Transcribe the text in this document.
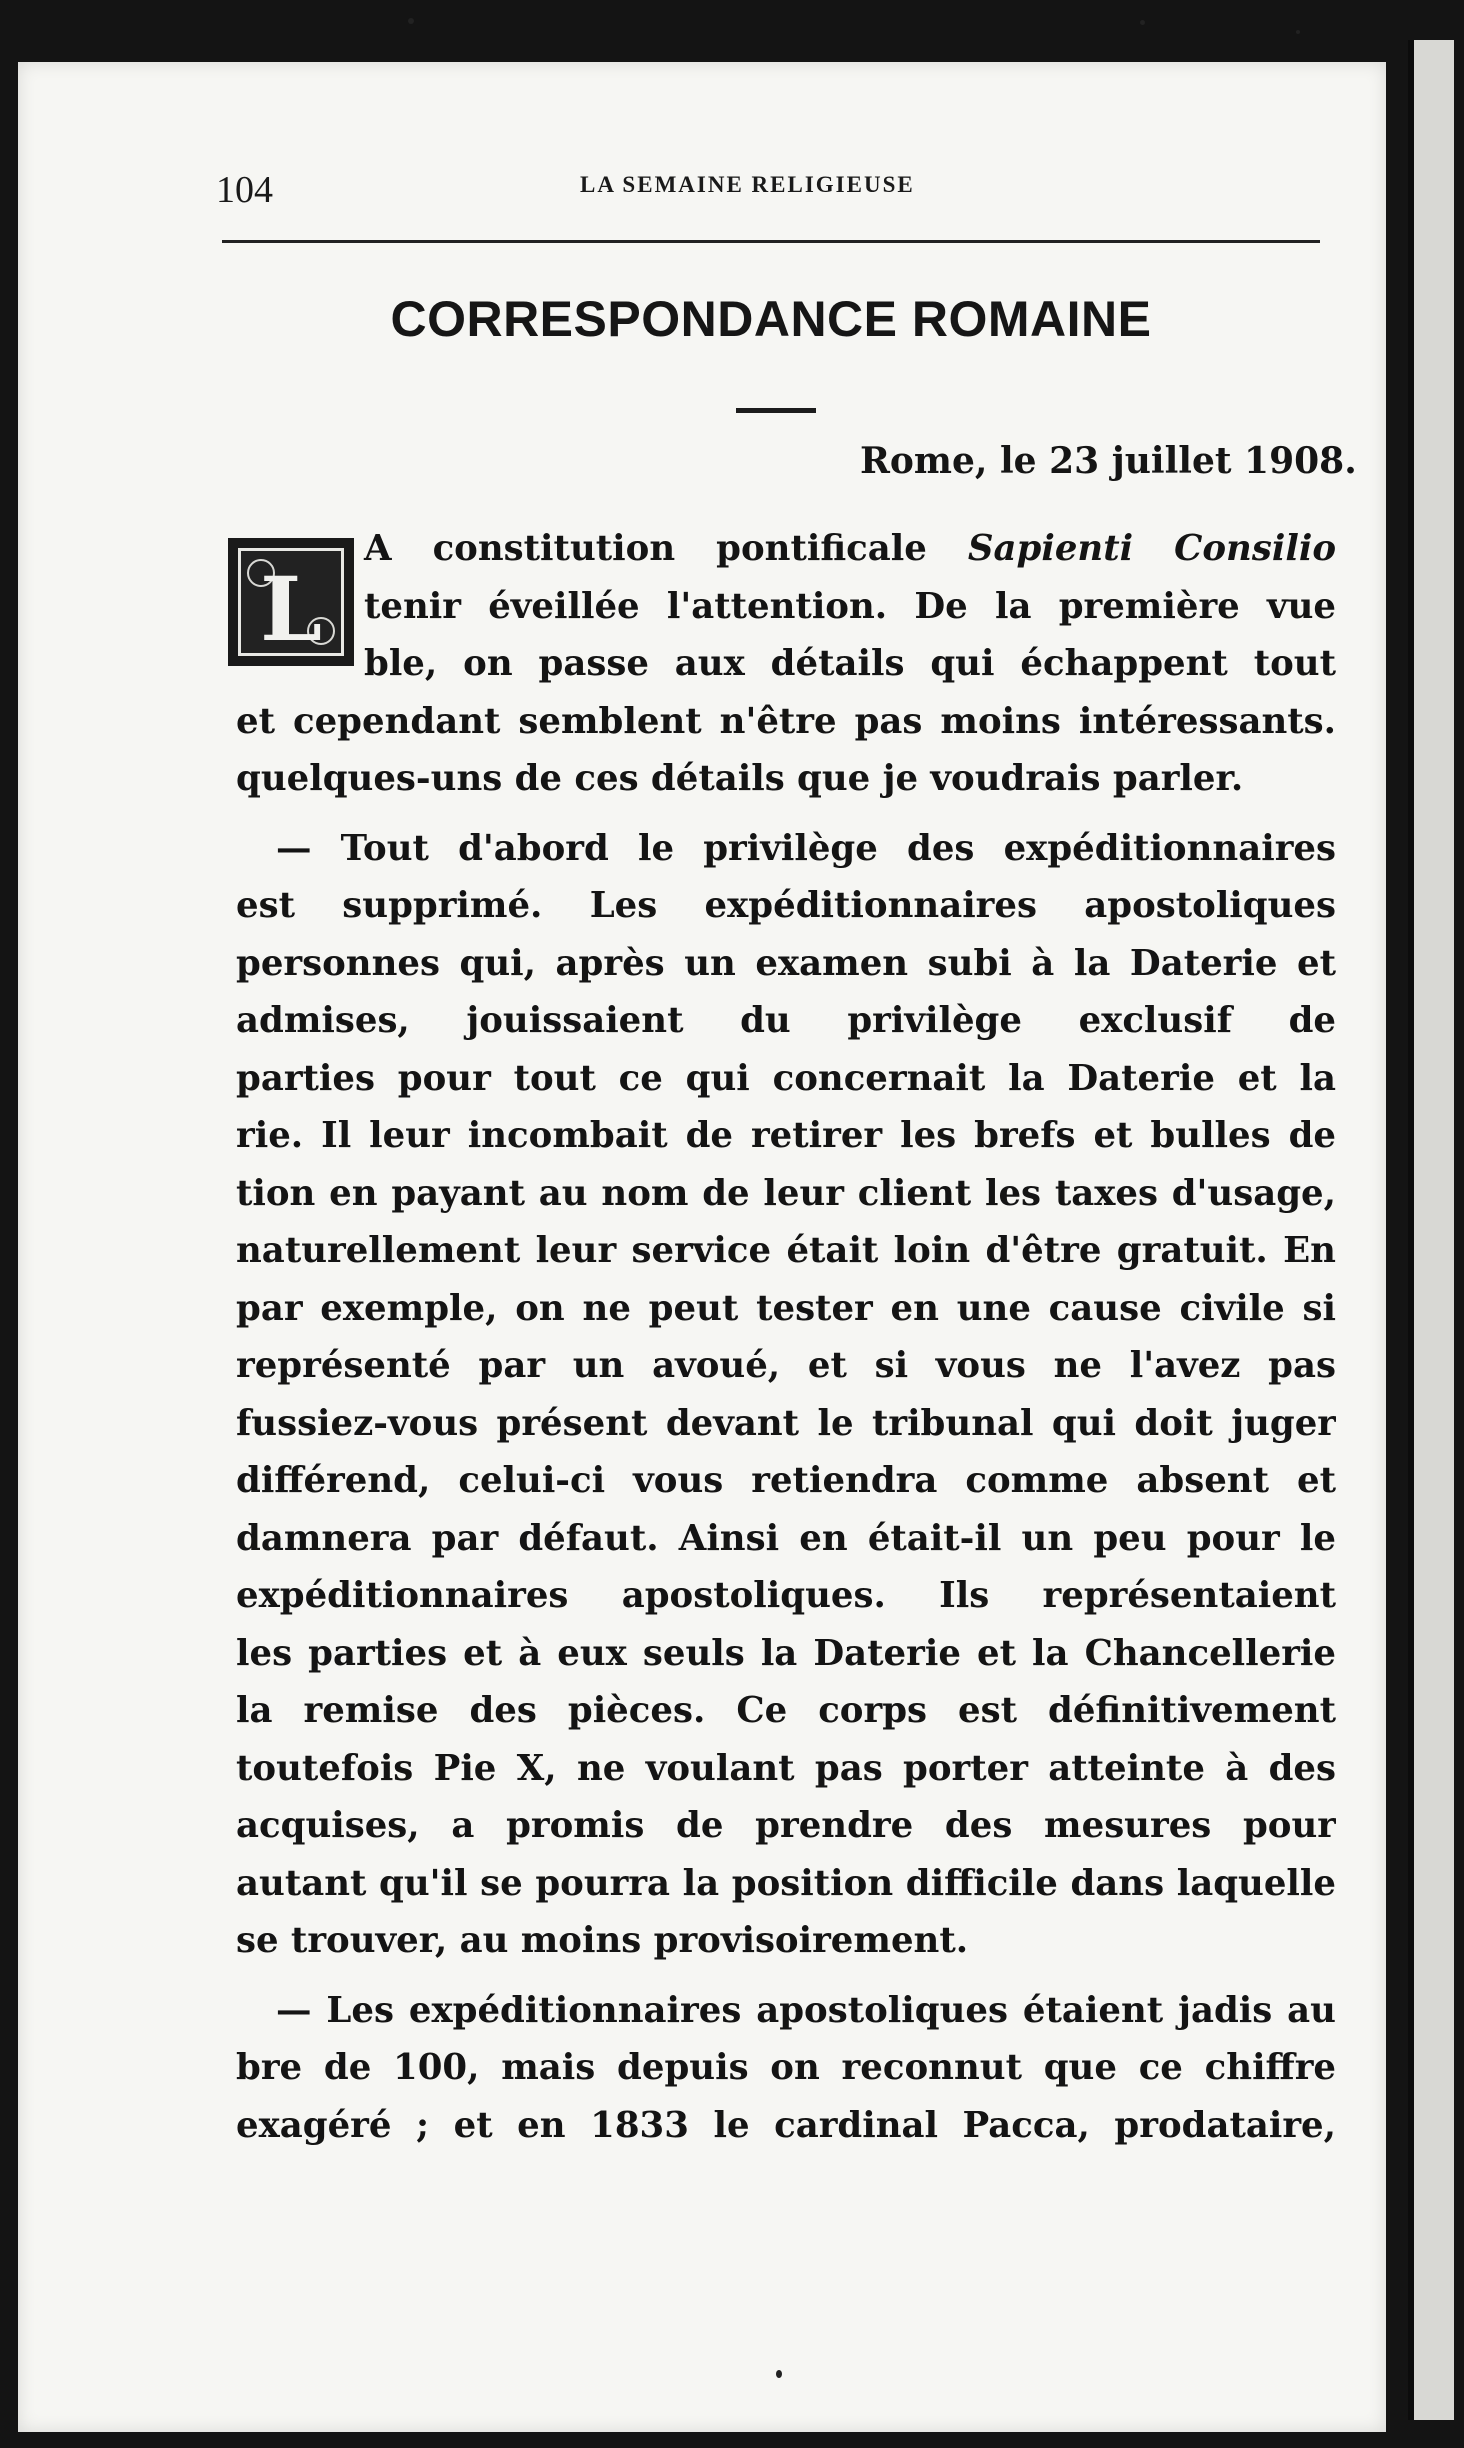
104	LA SEMAINE RELIGIEUSE
CORRESPONDANCE ROMAINE
Rome, le 23 juillet 1908.
L
A constitution pontificale Sapienti Consilio
tenir éveillée l'attention. De la première vue
ble, on passe aux détails qui échappent tout
et cependant semblent n'être pas moins intéressants.
quelques-uns de ces détails que je voudrais parler.
— Tout d'abord le privilège des expéditionnaires
est supprimé. Les expéditionnaires apostoliques
personnes qui, après un examen subi à la Daterie et
admises, jouissaient du privilège exclusif de
parties pour tout ce qui concernait la Daterie et la
rie. Il leur incombait de retirer les brefs et bulles de
tion en payant au nom de leur client les taxes d'usage,
naturellement leur service était loin d'être gratuit. En
par exemple, on ne peut tester en une cause civile si
représenté par un avoué, et si vous ne l'avez pas
fussiez-vous présent devant le tribunal qui doit juger
différend, celui-ci vous retiendra comme absent et
damnera par défaut. Ainsi en était-il un peu pour le
expéditionnaires apostoliques. Ils représentaient
les parties et à eux seuls la Daterie et la Chancellerie
la remise des pièces. Ce corps est définitivement
toutefois Pie X, ne voulant pas porter atteinte à des
acquises, a promis de prendre des mesures pour
autant qu'il se pourra la position difficile dans laquelle
se trouver, au moins provisoirement.
— Les expéditionnaires apostoliques étaient jadis au
bre de 100, mais depuis on reconnut que ce chiffre
exagéré ; et en 1833 le cardinal Pacca, prodataire,
